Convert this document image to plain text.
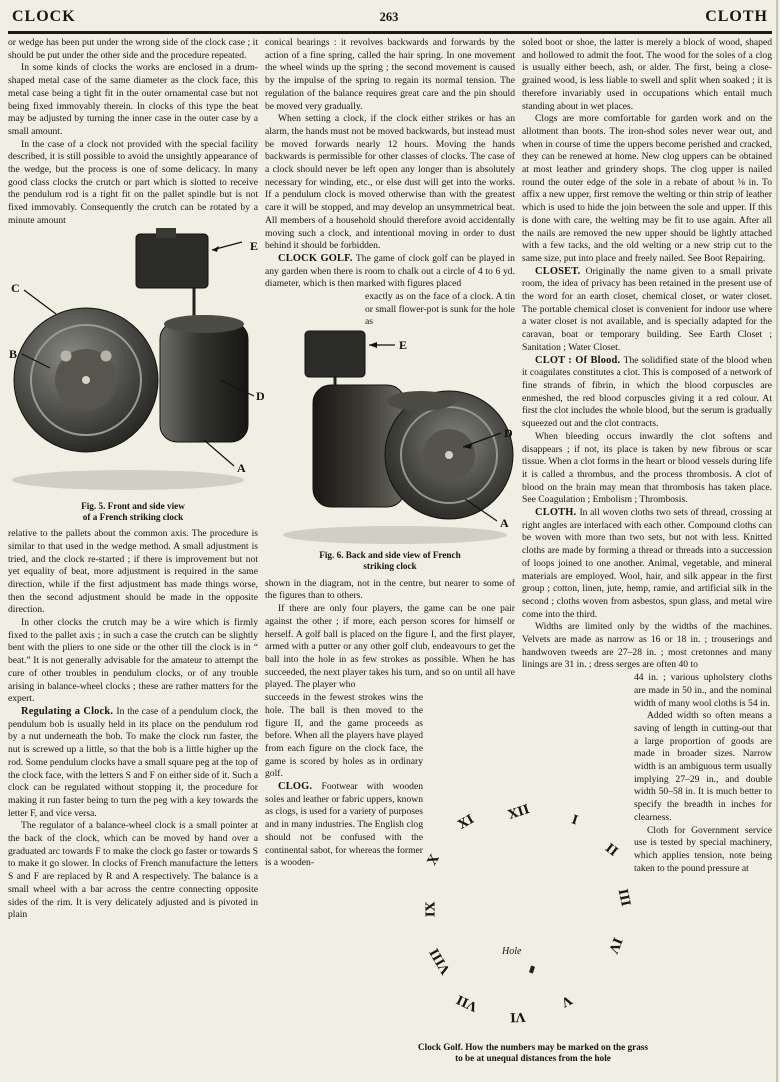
CLOCK	263	CLOTH

or wedge has been put under the wrong side of the clock case ; it should be put under the other side and the procedure repeated.

In some kinds of clocks the works are enclosed in a drum-shaped metal case of the same diameter as the clock face, this metal case being a tight fit in the outer ornamental case but not being fixed immovably therein. In clocks of this type the beat may be adjusted by turning the inner case in the outer case by a small amount.

In the case of a clock not provided with the special facility described, it is still possible to avoid the unsightly appearance of the wedge, but the process is one of some delicacy. In many good class clocks the crutch or part which is slotted to receive the pendulum rod is a tight fit on the pallet spindle but is not fixed immovably. Consequently the crutch can be rotated by a minute amount

E
C
B
D
A
Fig. 5. Front and side view
of a French striking clock

relative to the pallets about the common axis. The procedure is similar to that used in the wedge method. A small adjustment is tried, and the clock re-started ; if there is improvement but not yet equality of beat, more adjustment is required in the same direction, while if the first adjustment has made things worse, then the second adjustment should be made in the opposite direction.

In other clocks the crutch may be a wire which is firmly fixed to the pallet axis ; in such a case the crutch can be slightly bent with the pliers to one side or the other till the clock is in “ beat.” It is not generally advisable for the amateur to attempt the cure of other troubles in pendulum clocks, or of any trouble arising in balance-wheel clocks ; these are rather matters for the expert.

Regulating a Clock. In the case of a pendulum clock, the pendulum bob is usually held in its place on the pendulum rod by a nut underneath the bob. To make the clock run faster, the nut is screwed up a little, so that the bob is a little higher up the rod. Some pendulum clocks have a small square peg at the top of the clock face, with the letters S and F on either side of it. Such a clock can be regulated without stopping it, the procedure for making it run faster being to turn the peg with a key towards the letter F, and vice versa.

The regulator of a balance-wheel clock is a small pointer at the back of the clock, which can be moved by hand over a graduated arc towards F to make the clock go faster or towards S to make it go slower. In clocks of French manufacture the letters S and F are replaced by R and A respectively. The balance is a small wheel with a bar across the centre connecting opposite sides of the rim. It is very delicately adjusted and is pivoted in plain

conical bearings : it revolves backwards and forwards by the action of a fine spring, called the hair spring. In one movement the wheel winds up the spring ; the second movement is caused by the impulse of the spring to regain its normal tension. The regulation of the balance requires great care and the pin should be moved very gradually.

When setting a clock, if the clock either strikes or has an alarm, the hands must not be moved backwards, but instead must be moved forwards nearly 12 hours. Moving the hands backwards is permissible for other classes of clocks. The case of a clock should never be left open any longer than is absolutely necessary for winding, etc., or else dust will get into the works. If a pendulum clock is moved otherwise than with the greatest care it will be stopped, and may develop an unsymmetrical beat. All members of a household should therefore avoid accidentally moving such a clock, and intentional moving in order to dust behind it should be forbidden.

CLOCK GOLF. The game of clock golf can be played in any garden when there is room to chalk out a circle of 4 to 6 yd. diameter, which is then marked with figures placed

exactly as on the face of a clock. A tin or small flower-pot is sunk for the hole as

E
D
A
Fig. 6. Back and side view of French
striking clock

shown in the diagram, not in the centre, but nearer to some of the figures than to others.

If there are only four players, the game can be one pair against the other ; if more, each person scores for himself or herself. A golf ball is placed on the figure I, and the first player, armed with a putter or any other golf club, endeavours to get the ball into the hole in as few strokes as possible. When he has succeeded, the next player takes his turn, and so on until all have played. The player who

succeeds in the fewest strokes wins the hole. The ball is then moved to the figure II, and the game proceeds as before. When all the players have played from each figure on the clock face, the game is scored by holes as in ordinary golf.

CLOG. Footwear with wooden soles and leather or fabric uppers, known as clogs, is used for a variety of purposes and in many industries. The English clog should not be confused with the continental sabot, for whereas the former is a wooden-

soled boot or shoe, the latter is merely a block of wood, shaped and hollowed to admit the foot. The wood for the soles of a clog is usually either beech, ash, or alder. The first, being a close-grained wood, is less liable to swell and split when soaked ; it is therefore invariably used in occupations which entail much standing about in wet places.

Clogs are more comfortable for garden work and on the allotment than boots. The iron-shod soles never wear out, and when in course of time the uppers become perished and cracked, they can be renewed at home. New clog uppers can be obtained at most leather and grindery shops. The clog upper is nailed round the outer edge of the sole in a rebate of about ⅛ in. To affix a new upper, first remove the welting or thin strip of leather which is used to hide the join between the sole and upper. If this is done with care, the welting may be fit to use again. After all the nails are removed the new upper should be lightly attached with a few tacks, and the old welting or a new strip cut to the same size, put into place and freely nailed. See Boot Repairing.

CLOSET. Originally the name given to a small private room, the idea of privacy has been retained in the present use of the word for an earth closet, chemical closet, or water closet. The portable chemical closet is convenient for indoor use where a water closet is not available, and is specially adapted for the caravan, boat or temporary building. See Earth Closet ; Sanitation ; Water Closet.

CLOT : Of Blood. The solidified state of the blood when it coagulates constitutes a clot. This is composed of a network of fine strands of fibrin, in which the blood corpuscles are enmeshed, the red blood corpuscles giving it a red colour. At first the clot includes the whole blood, but the serum is gradually squeezed out and the clot contracts.

When bleeding occurs inwardly the clot softens and disappears ; if not, its place is taken by new fibrous or scar tissue. When a clot forms in the heart or blood vessels during life it is called a thrombus, and the process thrombosis. A clot of blood on the brain may mean that thrombosis has taken place. See Coagulation ; Embolism ; Thrombosis.

CLOTH. In all woven cloths two sets of thread, crossing at right angles are interlaced with each other. Compound cloths can be woven with more than two sets, but not with less. Knitted cloths are made by forming a thread or threads into a succession of loops joined to one another. Animal, vegetable, and mineral materials are employed. Wool, hair, and silk appear in the first group ; cotton, linen, jute, hemp, ramie, and artificial silk in the second ; cloths woven from asbestos, spun glass, and metal wire come into the third.

Widths are limited only by the widths of the machines. Velvets are made as narrow as 16 or 18 in. ; trouserings and handwoven tweeds are 27–28 in. ; most cretonnes and many linings are 31 in. ; dress serges are often 40 to

44 in. ; various upholstery cloths are made in 50 in., and the nominal width of many wool cloths is 54 in.

Added width so often means a saving of length in cutting-out that a large proportion of goods are made in broader sizes. Narrow width is an ambiguous term usually implying 27–29 in., and double width 50–58 in. It is much better to specify the breadth in inches for clearness.

Cloth for Government service use is tested by special machinery, which applies tension, note being taken to the pound pressure at

XII	I
II
III
IV
V
VI
VII
VIII
IX
X
XI
Hole
Clock Golf. How the numbers may be marked on the grass to be at unequal distances from the hole
